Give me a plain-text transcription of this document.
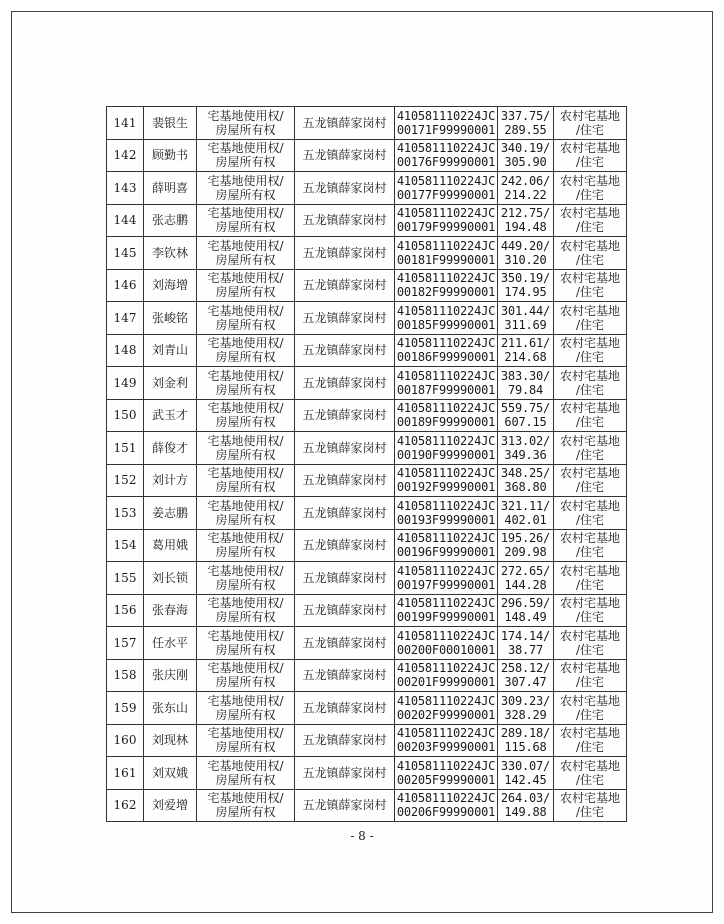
141	裴银生	宅基地使用权/
房屋所有权	五龙镇薛家岗村	410581110224JC
00171F99990001	337.75/
289.55	农村宅基地
/住宅

142	顾勤书	宅基地使用权/
房屋所有权	五龙镇薛家岗村	410581110224JC
00176F99990001	340.19/
305.90	农村宅基地
/住宅

143	薛明喜	宅基地使用权/
房屋所有权	五龙镇薛家岗村	410581110224JC
00177F99990001	242.06/
214.22	农村宅基地
/住宅

144	张志鹏	宅基地使用权/
房屋所有权	五龙镇薛家岗村	410581110224JC
00179F99990001	212.75/
194.48	农村宅基地
/住宅

145	李钦林	宅基地使用权/
房屋所有权	五龙镇薛家岗村	410581110224JC
00181F99990001	449.20/
310.20	农村宅基地
/住宅

146	刘海增	宅基地使用权/
房屋所有权	五龙镇薛家岗村	410581110224JC
00182F99990001	350.19/
174.95	农村宅基地
/住宅

147	张峻铭	宅基地使用权/
房屋所有权	五龙镇薛家岗村	410581110224JC
00185F99990001	301.44/
311.69	农村宅基地
/住宅

148	刘青山	宅基地使用权/
房屋所有权	五龙镇薛家岗村	410581110224JC
00186F99990001	211.61/
214.68	农村宅基地
/住宅

149	刘金利	宅基地使用权/
房屋所有权	五龙镇薛家岗村	410581110224JC
00187F99990001	383.30/
79.84	农村宅基地
/住宅

150	武玉才	宅基地使用权/
房屋所有权	五龙镇薛家岗村	410581110224JC
00189F99990001	559.75/
607.15	农村宅基地
/住宅

151	薛俊才	宅基地使用权/
房屋所有权	五龙镇薛家岗村	410581110224JC
00190F99990001	313.02/
349.36	农村宅基地
/住宅

152	刘计方	宅基地使用权/
房屋所有权	五龙镇薛家岗村	410581110224JC
00192F99990001	348.25/
368.80	农村宅基地
/住宅

153	姜志鹏	宅基地使用权/
房屋所有权	五龙镇薛家岗村	410581110224JC
00193F99990001	321.11/
402.01	农村宅基地
/住宅

154	葛用娥	宅基地使用权/
房屋所有权	五龙镇薛家岗村	410581110224JC
00196F99990001	195.26/
209.98	农村宅基地
/住宅

155	刘长锁	宅基地使用权/
房屋所有权	五龙镇薛家岗村	410581110224JC
00197F99990001	272.65/
144.28	农村宅基地
/住宅

156	张春海	宅基地使用权/
房屋所有权	五龙镇薛家岗村	410581110224JC
00199F99990001	296.59/
148.49	农村宅基地
/住宅

157	任水平	宅基地使用权/
房屋所有权	五龙镇薛家岗村	410581110224JC
00200F00010001	174.14/
38.77	农村宅基地
/住宅

158	张庆刚	宅基地使用权/
房屋所有权	五龙镇薛家岗村	410581110224JC
00201F99990001	258.12/
307.47	农村宅基地
/住宅

159	张东山	宅基地使用权/
房屋所有权	五龙镇薛家岗村	410581110224JC
00202F99990001	309.23/
328.29	农村宅基地
/住宅

160	刘现林	宅基地使用权/
房屋所有权	五龙镇薛家岗村	410581110224JC
00203F99990001	289.18/
115.68	农村宅基地
/住宅

161	刘双娥	宅基地使用权/
房屋所有权	五龙镇薛家岗村	410581110224JC
00205F99990001	330.07/
142.45	农村宅基地
/住宅

162	刘爱增	宅基地使用权/
房屋所有权	五龙镇薛家岗村	410581110224JC
00206F99990001	264.03/
149.88	农村宅基地
/住宅
- 8 -
